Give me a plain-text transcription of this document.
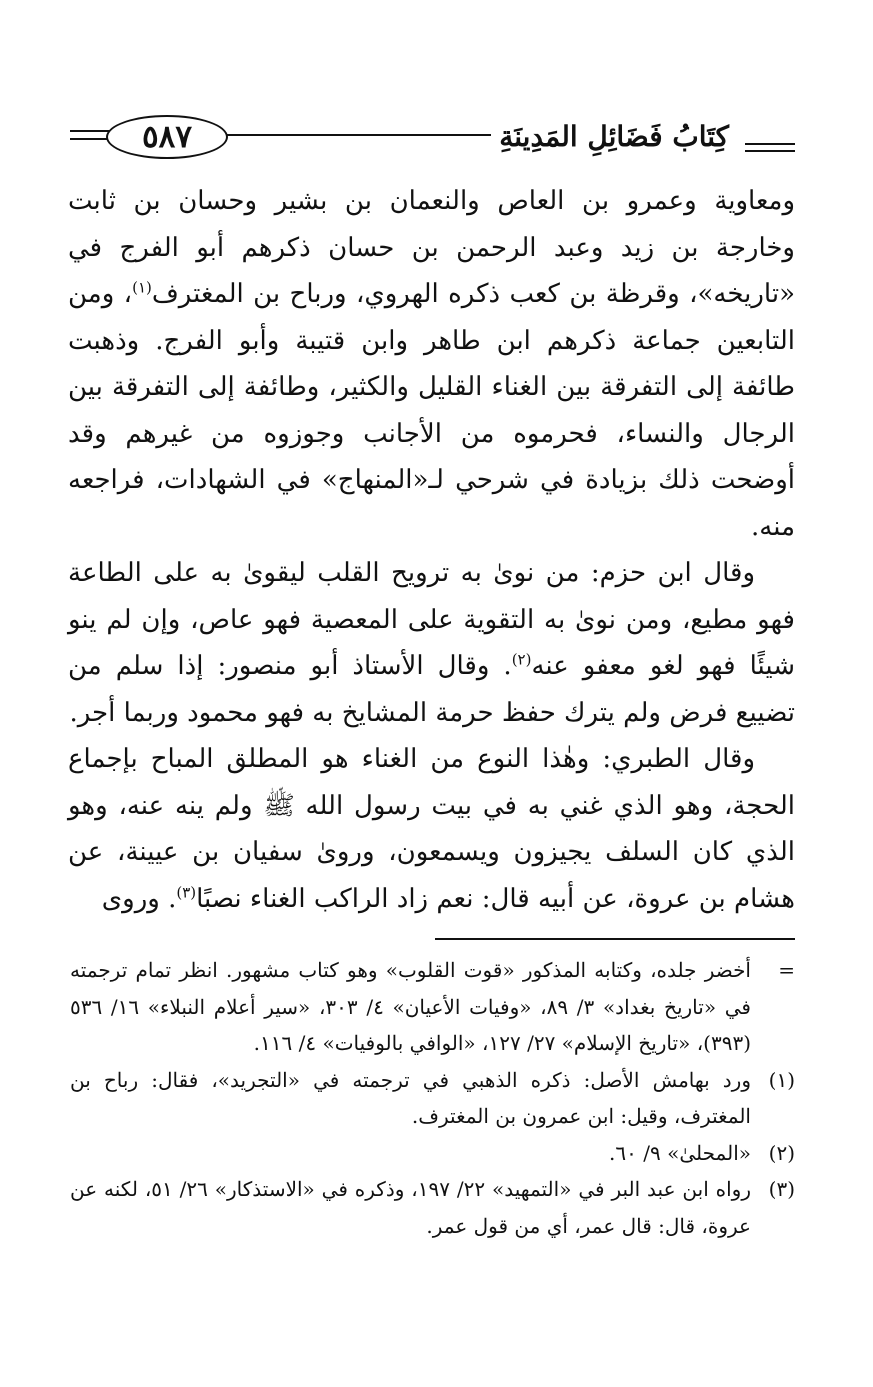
٥٨٧	كِتَابُ فَضَائِلِ المَدِينَةِ

ومعاوية وعمرو بن العاص والنعمان بن بشير وحسان بن ثابت وخارجة بن زيد وعبد الرحمن بن حسان ذكرهم أبو الفرج في «تاريخه»، وقرظة بن كعب ذكره الهروي، ورباح بن المغترف$^{(١)}$، ومن التابعين جماعة ذكرهم ابن طاهر وابن قتيبة وأبو الفرج. وذهبت طائفة إلى التفرقة بين الغناء القليل والكثير، وطائفة إلى التفرقة بين الرجال والنساء، فحرموه من الأجانب وجوزوه من غيرهم وقد أوضحت ذلك بزيادة في شرحي لـ«المنهاج» في الشهادات، فراجعه منه.

وقال ابن حزم: من نوىٰ به ترويح القلب ليقوىٰ به على الطاعة فهو مطيع، ومن نوىٰ به التقوية على المعصية فهو عاص، وإن لم ينو شيئًا فهو لغو معفو عنه$^{(٢)}$. وقال الأستاذ أبو منصور: إذا سلم من تضييع فرض ولم يترك حفظ حرمة المشايخ به فهو محمود وربما أجر.

وقال الطبري: وهٰذا النوع من الغناء هو المطلق المباح بإجماع الحجة، وهو الذي غني به في بيت رسول الله ﷺ ولم ينه عنه، وهو الذي كان السلف يجيزون ويسمعون، وروىٰ سفيان بن عيينة، عن هشام بن عروة، عن أبيه قال: نعم زاد الراكب الغناء نصبًا$^{(٣)}$. وروى

=
أخضر جلده، وكتابه المذكور «قوت القلوب» وهو كتاب مشهور. انظر تمام ترجمته في «تاريخ بغداد» ٣/ ٨٩، «وفيات الأعيان» ٤/ ٣٠٣، «سير أعلام النبلاء» ١٦/ ٥٣٦ (٣٩٣)، «تاريخ الإسلام» ٢٧/ ١٢٧، «الوافي بالوفيات» ٤/ ١١٦.
(١)
ورد بهامش الأصل: ذكره الذهبي في ترجمته في «التجريد»، فقال: رباح بن المغترف، وقيل: ابن عمرون بن المغترف.
(٢)
«المحلىٰ» ٩/ ٦٠.
(٣)
رواه ابن عبد البر في «التمهيد» ٢٢/ ١٩٧، وذكره في «الاستذكار» ٢٦/ ٥١، لكنه عن عروة، قال: قال عمر، أي من قول عمر.
